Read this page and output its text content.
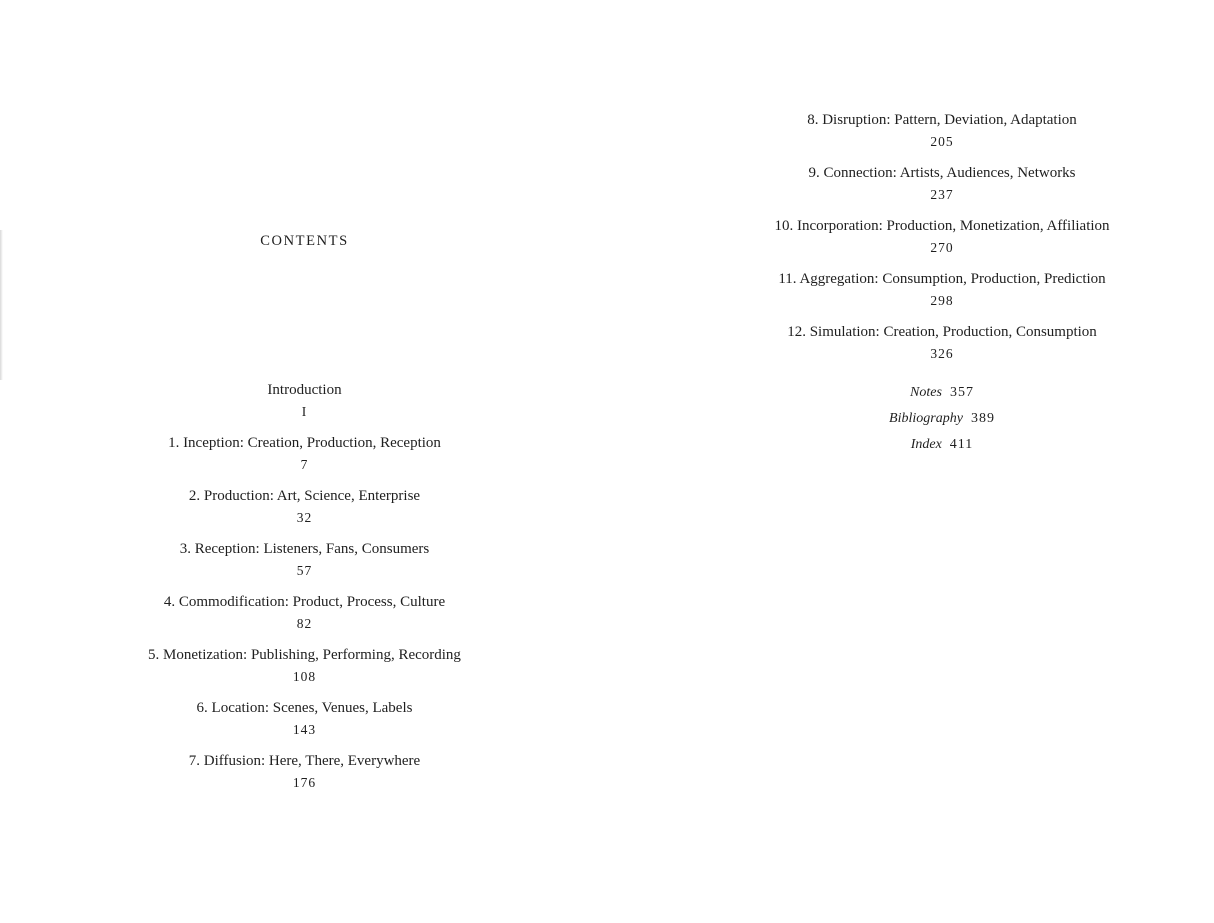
CONTENTS
Introduction
I
1. Inception: Creation, Production, Reception
7
2. Production: Art, Science, Enterprise
32
3. Reception: Listeners, Fans, Consumers
57
4. Commodification: Product, Process, Culture
82
5. Monetization: Publishing, Performing, Recording
108
6. Location: Scenes, Venues, Labels
143
7. Diffusion: Here, There, Everywhere
176
8. Disruption: Pattern, Deviation, Adaptation
205
9. Connection: Artists, Audiences, Networks
237
10. Incorporation: Production, Monetization, Affiliation
270
11. Aggregation: Consumption, Production, Prediction
298
12. Simulation: Creation, Production, Consumption
326
Notes 357
Bibliography 389
Index 411
